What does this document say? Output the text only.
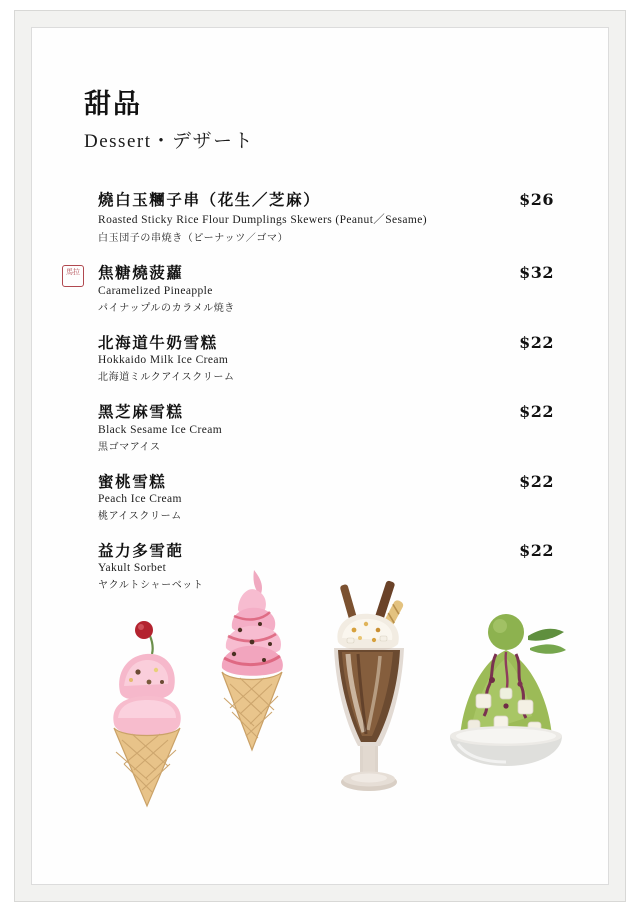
甜品
Dessert・デザート
燒白玉糰子串（花生／芝麻）
Roasted Sticky Rice Flour Dumplings Skewers (Peanut／Sesame)
白玉団子の串焼き（ピーナッツ／ゴマ）
$26
馬拉 焦糖燒菠蘿
Caramelized Pineapple
パイナップルのカラメル焼き
$32
北海道牛奶雪糕
Hokkaido Milk Ice Cream
北海道ミルクアイスクリーム
$22
黑芝麻雪糕
Black Sesame Ice Cream
黒ゴマアイス
$22
蜜桃雪糕
Peach Ice Cream
桃アイスクリーム
$22
益力多雪葩
Yakult Sorbet
ヤクルトシャーベット
$22
